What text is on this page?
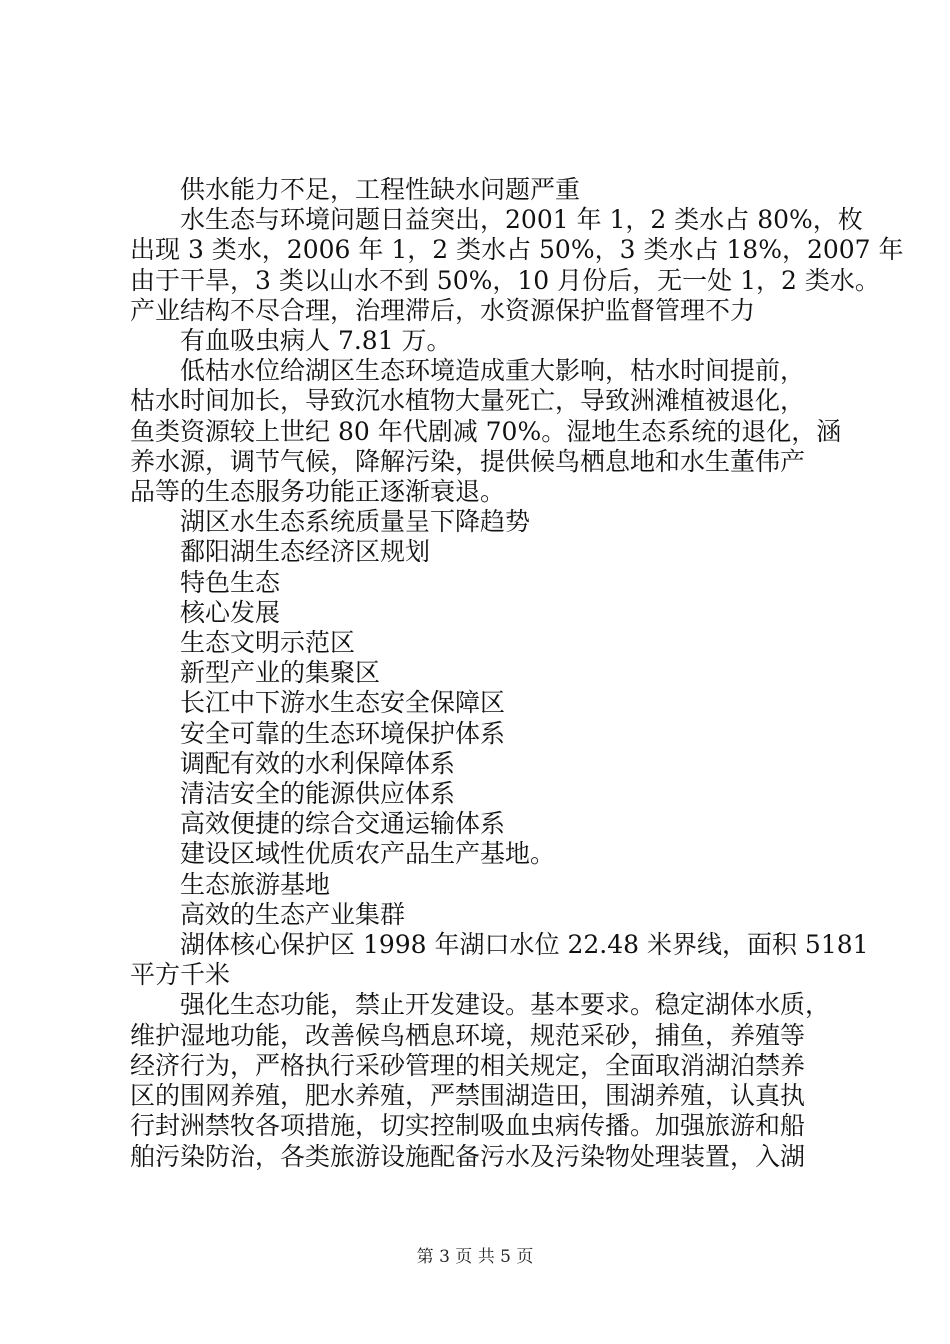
供水能力不足，工程性缺水问题严重

水生态与环境问题日益突出，2001 年 1，2 类水占 80%，枚

出现 3 类水，2006 年 1，2 类水占 50%，3 类水占 18%，2007 年

由于干旱，3 类以山水不到 50%，10 月份后，无一处 1，2 类水。

产业结构不尽合理，治理滞后，水资源保护监督管理不力

有血吸虫病人 7.81 万。

低枯水位给湖区生态环境造成重大影响，枯水时间提前，

枯水时间加长，导致沉水植物大量死亡，导致洲滩植被退化，

鱼类资源较上世纪 80 年代剧减 70%。湿地生态系统的退化，涵

养水源，调节气候，降解污染，提供候鸟栖息地和水生董伟产

品等的生态服务功能正逐渐衰退。

湖区水生态系统质量呈下降趋势

鄱阳湖生态经济区规划

特色生态

核心发展

生态文明示范区

新型产业的集聚区

长江中下游水生态安全保障区

安全可靠的生态环境保护体系

调配有效的水利保障体系

清洁安全的能源供应体系

高效便捷的综合交通运输体系

建设区域性优质农产品生产基地。

生态旅游基地

高效的生态产业集群

湖体核心保护区 1998 年湖口水位 22.48 米界线，面积 5181

平方千米

强化生态功能，禁止开发建设。基本要求。稳定湖体水质，

维护湿地功能，改善候鸟栖息环境，规范采砂，捕鱼，养殖等

经济行为，严格执行采砂管理的相关规定，全面取消湖泊禁养

区的围网养殖，肥水养殖，严禁围湖造田，围湖养殖，认真执

行封洲禁牧各项措施，切实控制吸血虫病传播。加强旅游和船

舶污染防治，各类旅游设施配备污水及污染物处理装置，入湖

第 3 页 共 5 页
